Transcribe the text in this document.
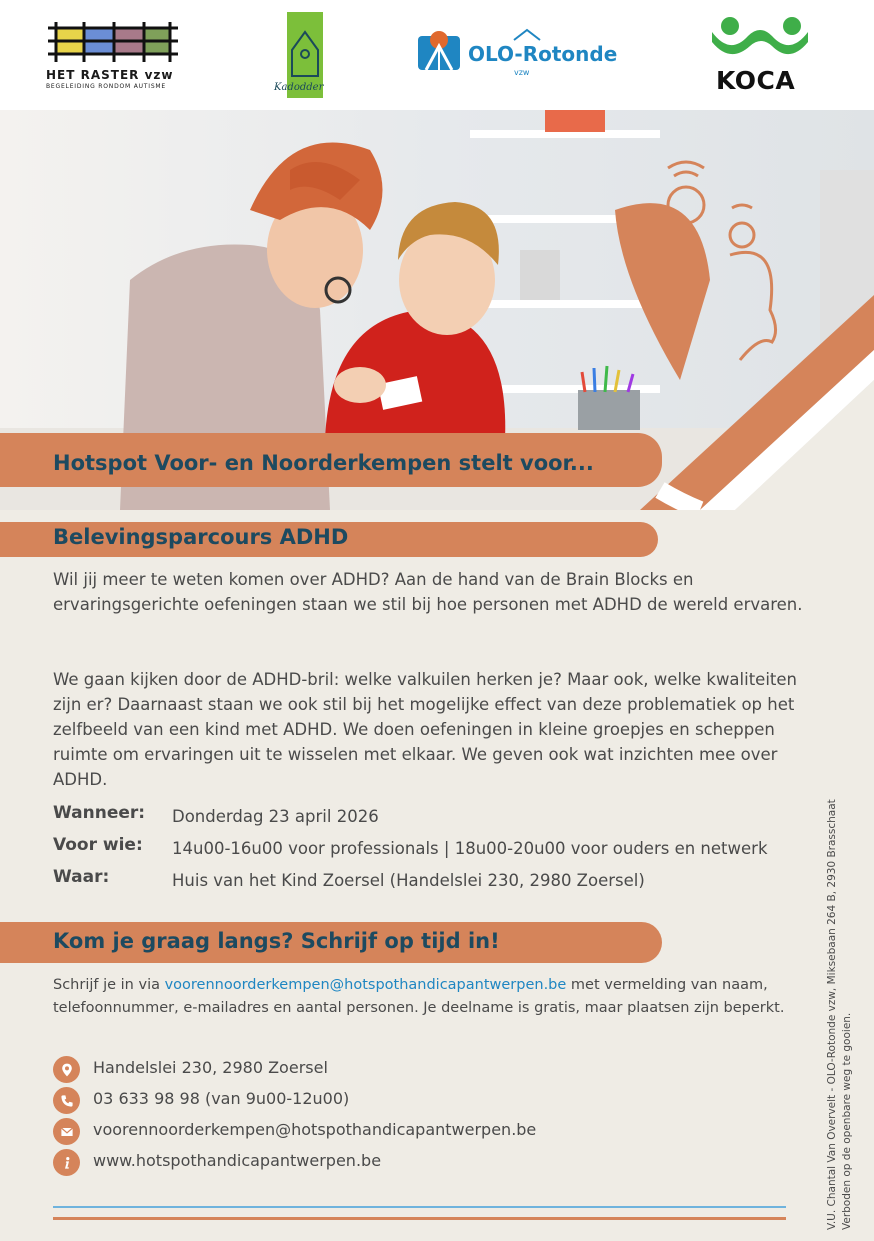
HET RASTER vzw
BEGELEIDING RONDOM AUTISME	Kadodder
OLO-Rotonde
vzw	KOCA
Hotspot Voor- en Noorderkempen stelt voor...
Belevingsparcours ADHD

Wil jij meer te weten komen over ADHD? Aan de hand van de Brain Blocks en ervaringsgerichte oefeningen staan we stil bij hoe personen met ADHD de wereld ervaren.

We gaan kijken door de ADHD-bril: welke valkuilen herken je? Maar ook, welke kwaliteiten zijn er? Daarnaast staan we ook stil bij het mogelijke effect van deze problematiek op het zelfbeeld van een kind met ADHD. We doen oefeningen in kleine groepjes en scheppen ruimte om ervaringen uit te wisselen met elkaar. We geven ook wat inzichten mee over ADHD.

Wanneer: Donderdag 23 april 2026
Voor wie: 14u00-16u00 voor professionals | 18u00-20u00 voor ouders en netwerk
Waar:	Huis van het Kind Zoersel (Handelslei 230, 2980 Zoersel)
Kom je graag langs? Schrijf op tijd in!

Schrijf je in via voorennoorderkempen@hotspothandicapantwerpen.be met vermelding van naam, telefoonnummer, e-mailadres en aantal personen. Je deelname is gratis, maar plaatsen zijn beperkt.

Handelslei 230, 2980 Zoersel
03 633 98 98 (van 9u00-12u00)
voorennoorderkempen@hotspothandicapantwerpen.be
www.hotspothandicapantwerpen.be	V.U. Chantal Van Overvelt - OLO-Rotonde vzw, Miksebaan 264 B, 2930 Brasschaat Verboden op de openbare weg te gooien.
